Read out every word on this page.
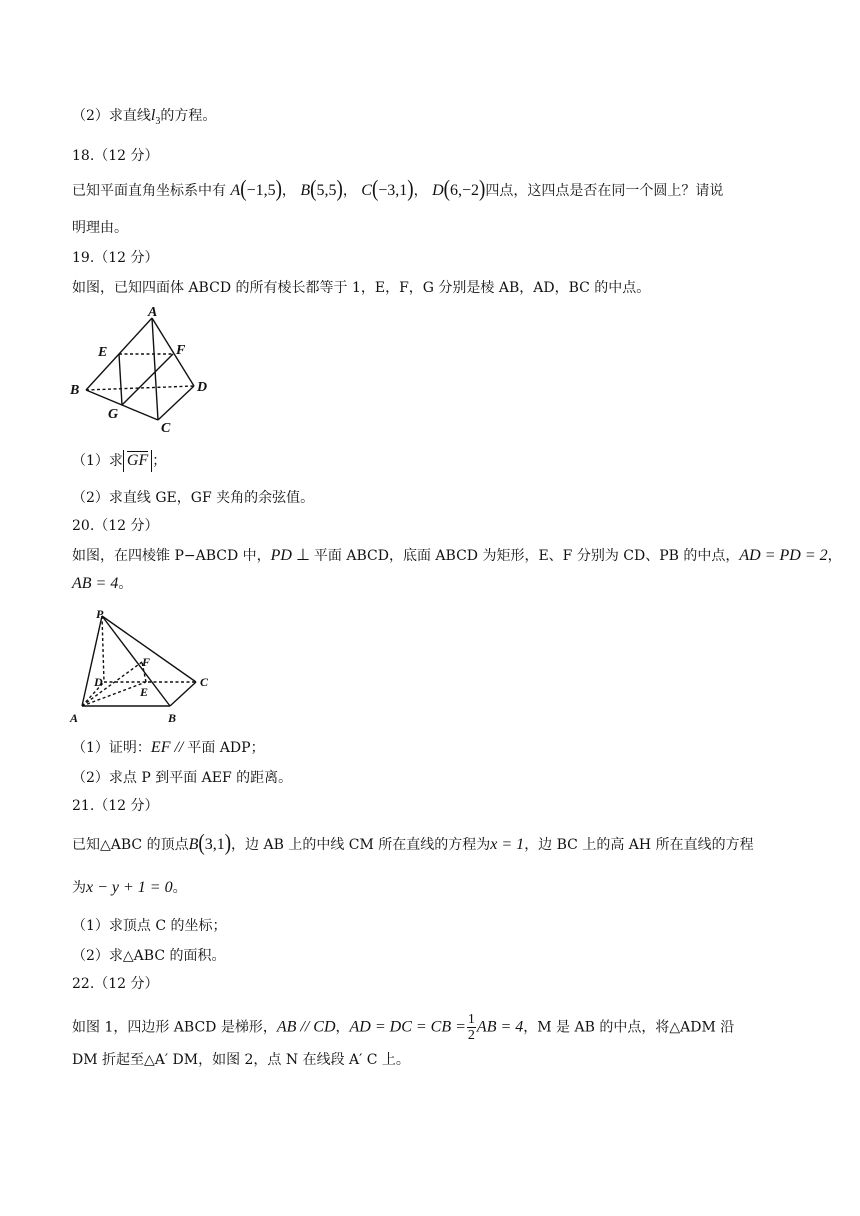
（2）求直线$l_3$的方程。
18.（12 分）
已知平面直角坐标系中有 A(−1,5)， B(5,5)， C(−3,1)， D(6,−2)四点，这四点是否在同一个圆上？请说
明理由。
19.（12 分）
如图，已知四面体 ABCD 的所有棱长都等于 1，E，F，G 分别是棱 AB，AD，BC 的中点。
A
E	F
B	D
G
C
（1）求 GF ；
（2）求直线 GE，GF 夹角的余弦值。
20.（12 分）
如图，在四棱锥 P−ABCD 中，PD ⊥ 平面 ABCD，底面 ABCD 为矩形，E、F 分别为 CD、PB 的中点，AD = PD = 2，
AB = 4。
P
D
F
E
C
A	B
（1）证明：EF // 平面 ADP；
（2）求点 P 到平面 AEF 的距离。
21.（12 分）
已知△ABC 的顶点B(3,1)，边 AB 上的中线 CM 所在直线的方程为x = 1，边 BC 上的高 AH 所在直线的方程
为x − y + 1 = 0。
（1）求顶点 C 的坐标；
（2）求△ABC 的面积。
22.（12 分）
如图 1，四边形 ABCD 是梯形，AB // CD，AD = DC = CB = $\frac{1}{2}$ AB = 4，M 是 AB 的中点，将△ADM 沿
DM 折起至△A′ DM，如图 2，点 N 在线段 A′ C 上。
